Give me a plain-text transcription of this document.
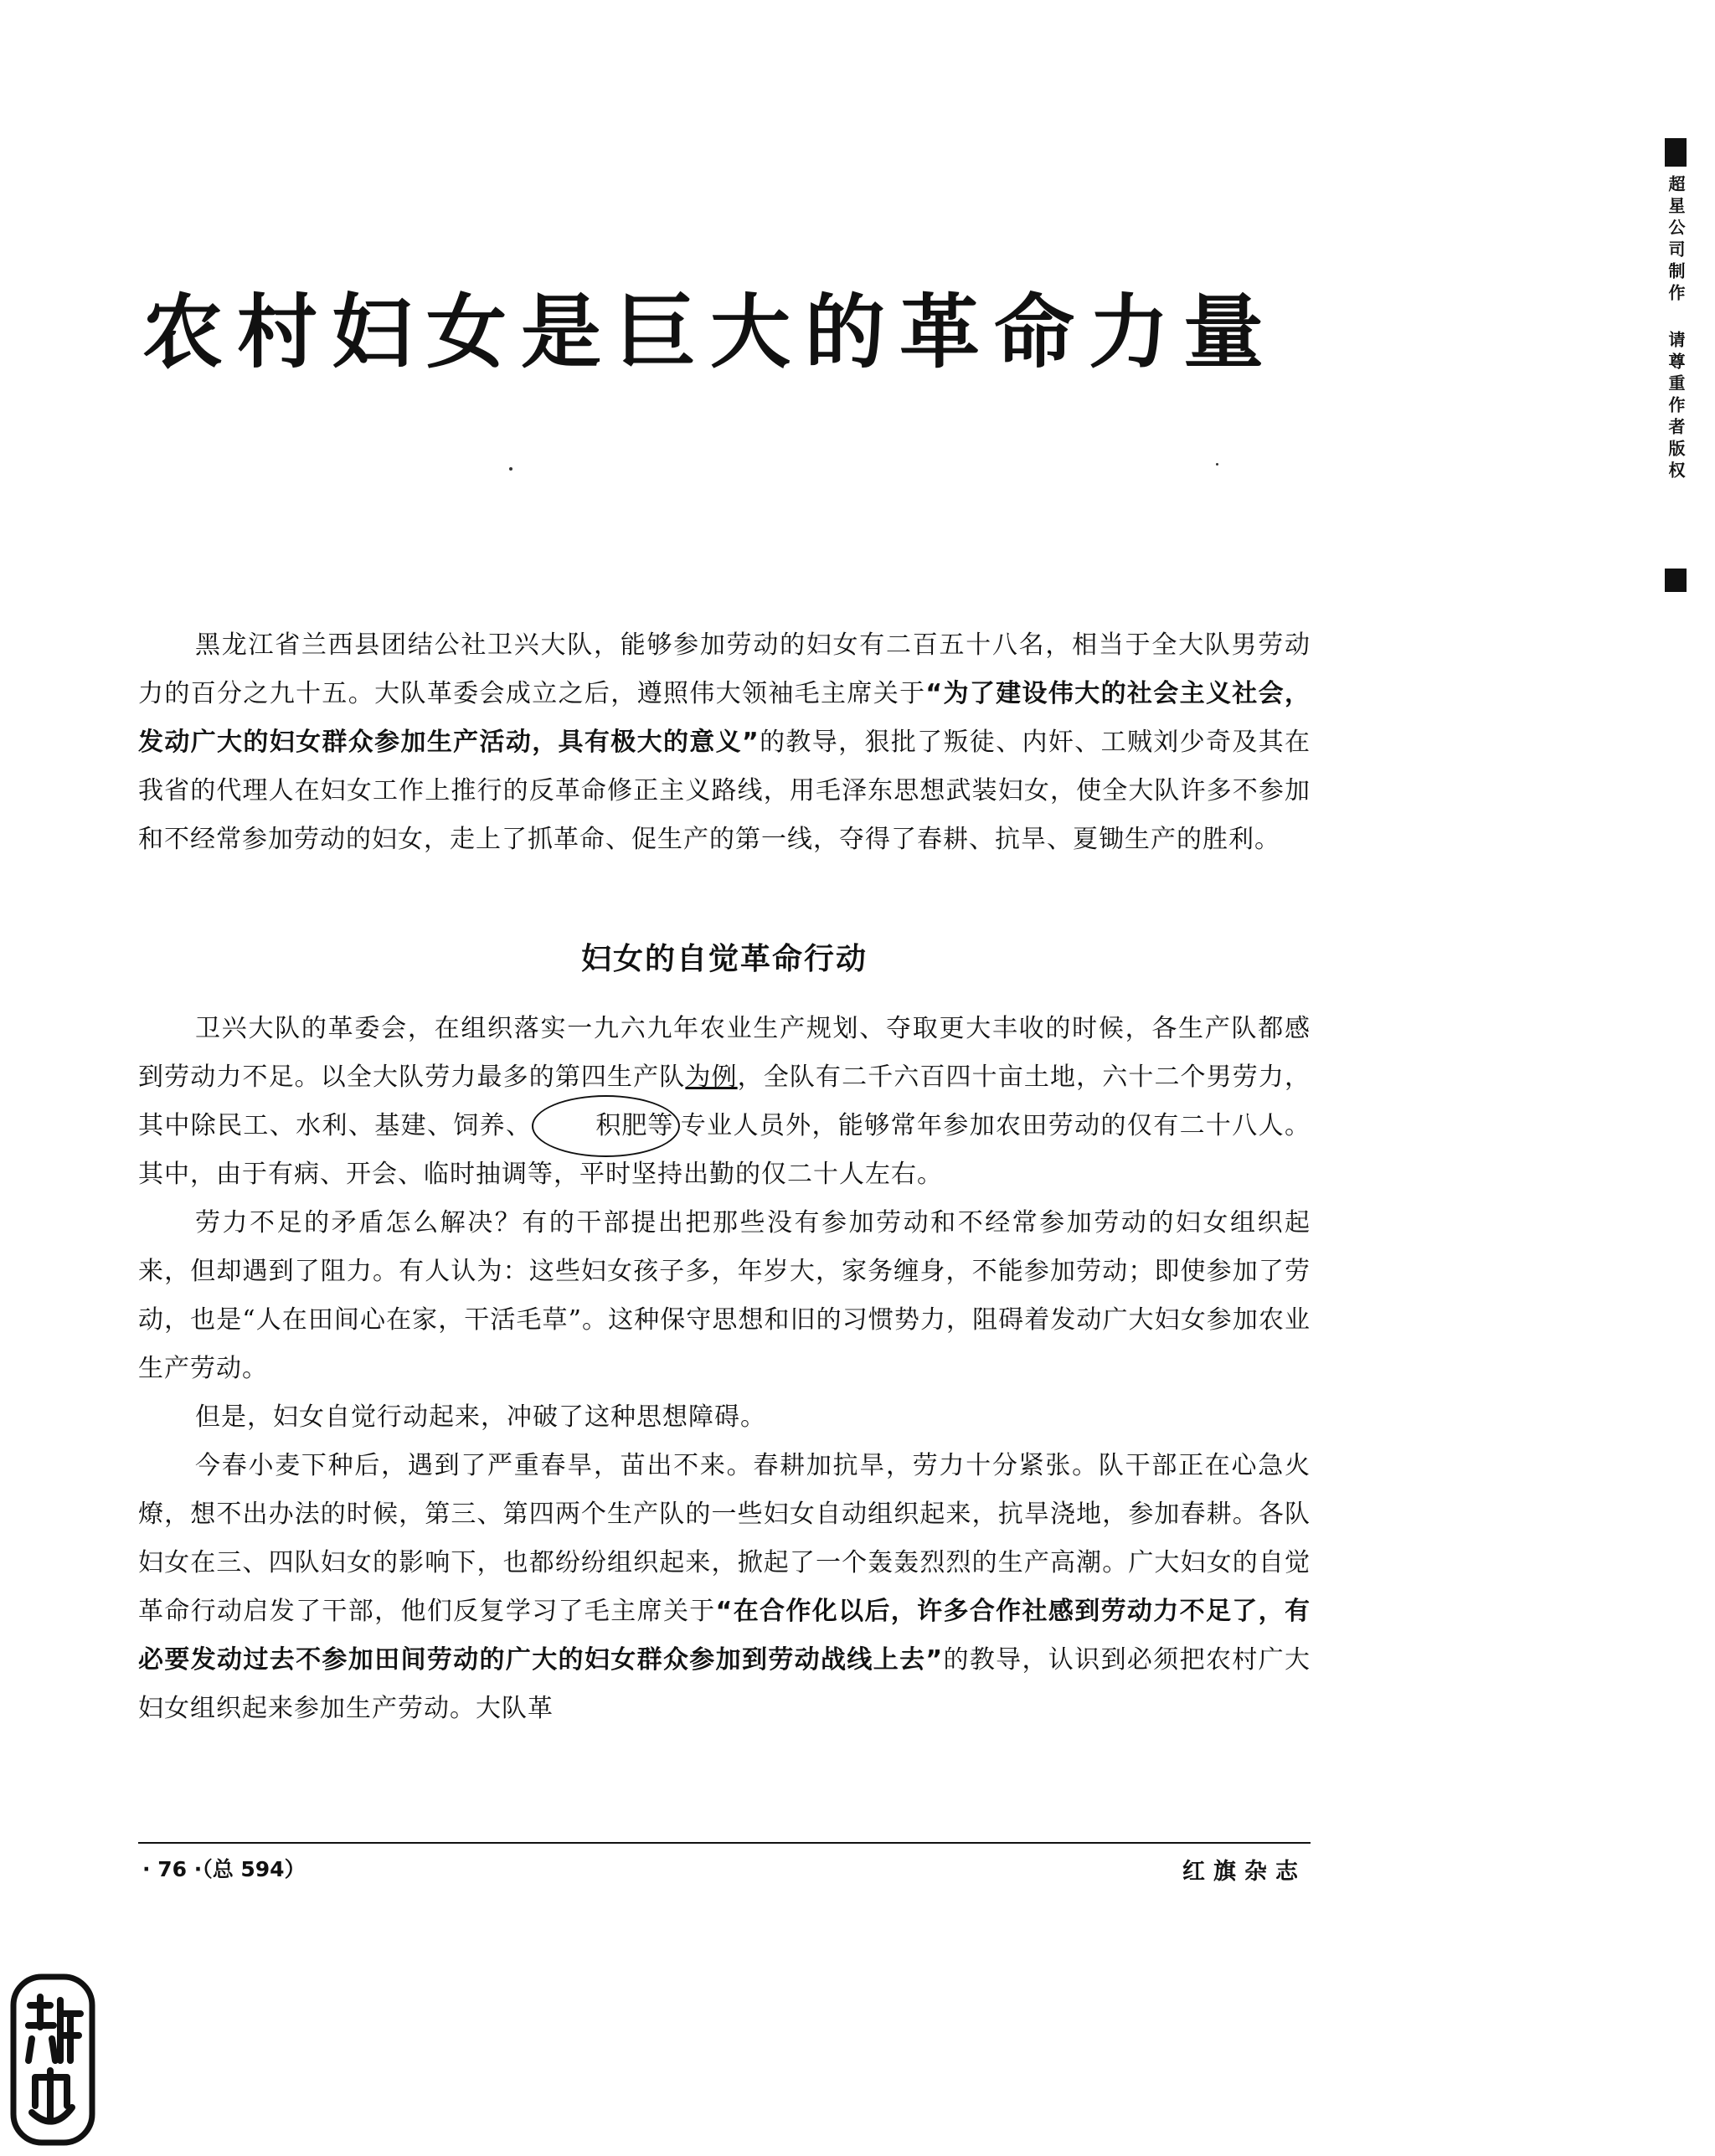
农村妇女是巨大的革命力量

黑龙江省兰西县团结公社卫兴大队，能够参加劳动的妇女有二百五十八名，相当于全大队男劳动力的百分之九十五。大队革委会成立之后，遵照伟大领袖毛主席关于“为了建设伟大的社会主义社会，发动广大的妇女群众参加生产活动，具有极大的意义”的教导，狠批了叛徒、内奸、工贼刘少奇及其在我省的代理人在妇女工作上推行的反革命修正主义路线，用毛泽东思想武装妇女，使全大队许多不参加和不经常参加劳动的妇女，走上了抓革命、促生产的第一线，夺得了春耕、抗旱、夏锄生产的胜利。

妇女的自觉革命行动

卫兴大队的革委会，在组织落实一九六九年农业生产规划、夺取更大丰收的时候，各生产队都感到劳动力不足。以全大队劳力最多的第四生产队为例，全队有二千六百四十亩土地，六十二个男劳力，其中除民工、水利、基建、饲养、	积肥等 专业人员外，能够常年参加农田劳动的仅有二十八人。其中，由于有病、开会、临时抽调等，平时坚持出勤的仅二十人左右。

劳力不足的矛盾怎么解决？有的干部提出把那些没有参加劳动和不经常参加劳动的妇女组织起来，但却遇到了阻力。有人认为：这些妇女孩子多，年岁大，家务缠身，不能参加劳动；即使参加了劳动，也是“人在田间心在家，干活毛草”。这种保守思想和旧的习惯势力，阻碍着发动广大妇女参加农业生产劳动。

但是，妇女自觉行动起来，冲破了这种思想障碍。

今春小麦下种后，遇到了严重春旱，苗出不来。春耕加抗旱，劳力十分紧张。队干部正在心急火燎，想不出办法的时候，第三、第四两个生产队的一些妇女自动组织起来，抗旱浇地，参加春耕。各队妇女在三、四队妇女的影响下，也都纷纷组织起来，掀起了一个轰轰烈烈的生产高潮。广大妇女的自觉革命行动启发了干部，他们反复学习了毛主席关于“在合作化以后，许多合作社感到劳动力不足了，有必要发动过去不参加田间劳动的广大的妇女群众参加到劳动战线上去”的教导，认识到必须把农村广大妇女组织起来参加生产劳动。大队革

· 76 ·（总 594）	红旗杂志
超星公司制作 请尊重作者版权
